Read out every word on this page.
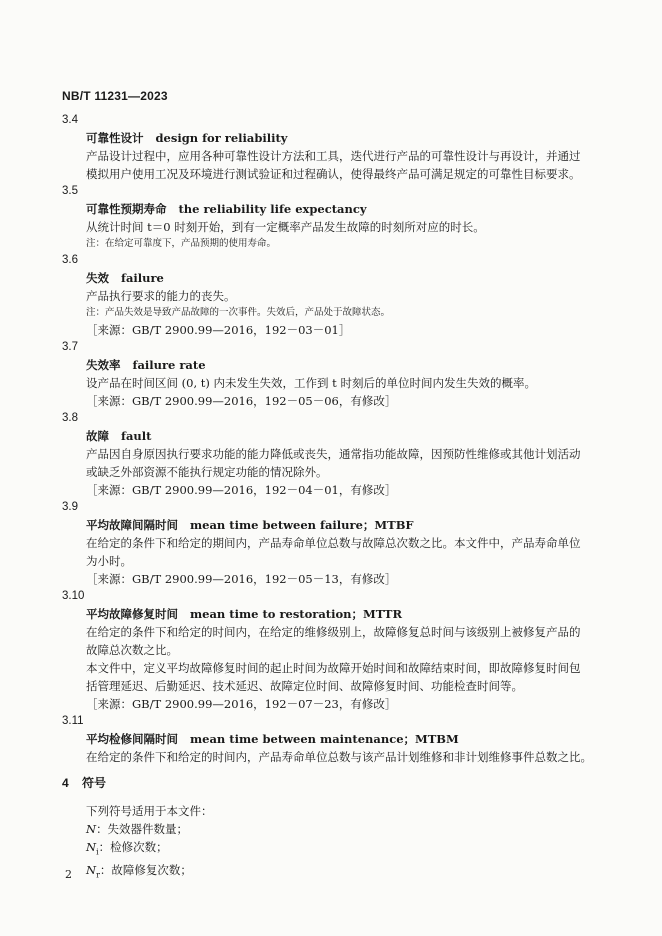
NB/T 11231—2023
3.4
可靠性设计 design for reliability
产品设计过程中，应用各种可靠性设计方法和工具，迭代进行产品的可靠性设计与再设计，并通过
模拟用户使用工况及环境进行测试验证和过程确认，使得最终产品可满足规定的可靠性目标要求。
3.5
可靠性预期寿命 the reliability life expectancy
从统计时间 t＝0 时刻开始，到有一定概率产品发生故障的时刻所对应的时长。
注：在给定可靠度下，产品预期的使用寿命。
3.6
失效 failure
产品执行要求的能力的丧失。
注：产品失效是导致产品故障的一次事件。失效后，产品处于故障状态。
［来源：GB/T 2900.99—2016，192－03－01］
3.7
失效率 failure rate
设产品在时间区间 (0, t) 内未发生失效，工作到 t 时刻后的单位时间内发生失效的概率。
［来源：GB/T 2900.99—2016，192－05－06，有修改］
3.8
故障 fault
产品因自身原因执行要求功能的能力降低或丧失，通常指功能故障，因预防性维修或其他计划活动
或缺乏外部资源不能执行规定功能的情况除外。
［来源：GB/T 2900.99—2016，192－04－01，有修改］
3.9
平均故障间隔时间 mean time between failure；MTBF
在给定的条件下和给定的期间内，产品寿命单位总数与故障总次数之比。本文件中，产品寿命单位
为小时。
［来源：GB/T 2900.99—2016，192－05－13，有修改］
3.10
平均故障修复时间 mean time to restoration；MTTR
在给定的条件下和给定的时间内，在给定的维修级别上，故障修复总时间与该级别上被修复产品的
故障总次数之比。
本文件中，定义平均故障修复时间的起止时间为故障开始时间和故障结束时间，即故障修复时间包
括管理延迟、后勤延迟、技术延迟、故障定位时间、故障修复时间、功能检查时间等。
［来源：GB/T 2900.99—2016，192－07－23，有修改］
3.11
平均检修间隔时间 mean time between maintenance；MTBM
在给定的条件下和给定的时间内，产品寿命单位总数与该产品计划维修和非计划维修事件总数之比。
4 符号
下列符号适用于本文件：
N：失效器件数量；
$N_i$：检修次数；
$N_r$：故障修复次数；
2
